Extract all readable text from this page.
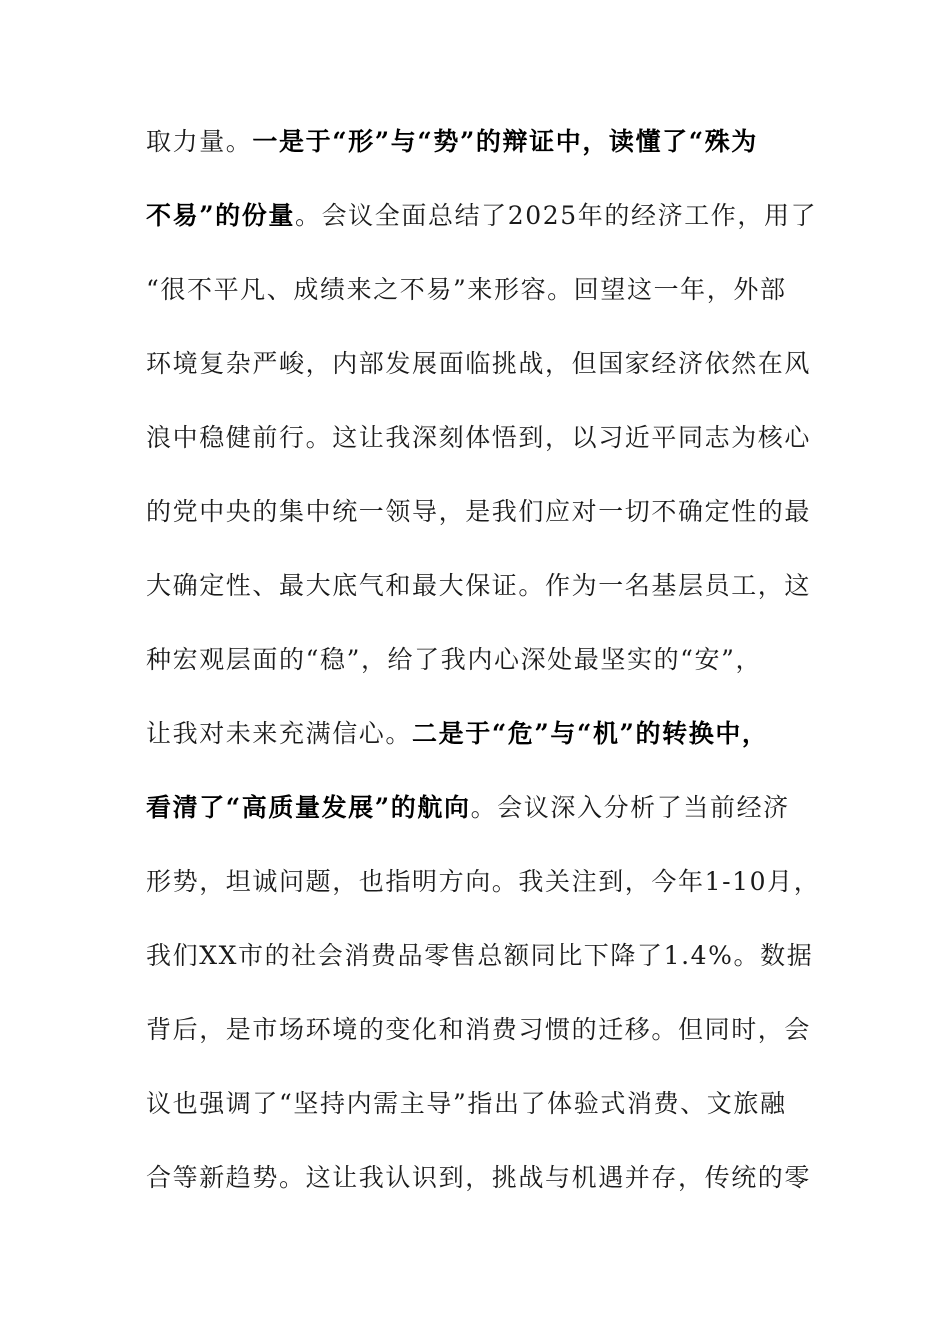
取力量。一是于“形”与“势”的辩证中，读懂了“殊为
不易”的份量。会议全面总结了2025年的经济工作，用了
“很不平凡、成绩来之不易”来形容。回望这一年，外部
环境复杂严峻，内部发展面临挑战，但国家经济依然在风
浪中稳健前行。这让我深刻体悟到，以习近平同志为核心
的党中央的集中统一领导，是我们应对一切不确定性的最
大确定性、最大底气和最大保证。作为一名基层员工，这
种宏观层面的“稳”，给了我内心深处最坚实的“安”，
让我对未来充满信心。二是于“危”与“机”的转换中，
看清了“高质量发展”的航向。会议深入分析了当前经济
形势，坦诚问题，也指明方向。我关注到，今年1-10月，
我们XX市的社会消费品零售总额同比下降了1.4%。数据
背后，是市场环境的变化和消费习惯的迁移。但同时，会
议也强调了“坚持内需主导”指出了体验式消费、文旅融
合等新趋势。这让我认识到，挑战与机遇并存，传统的零
